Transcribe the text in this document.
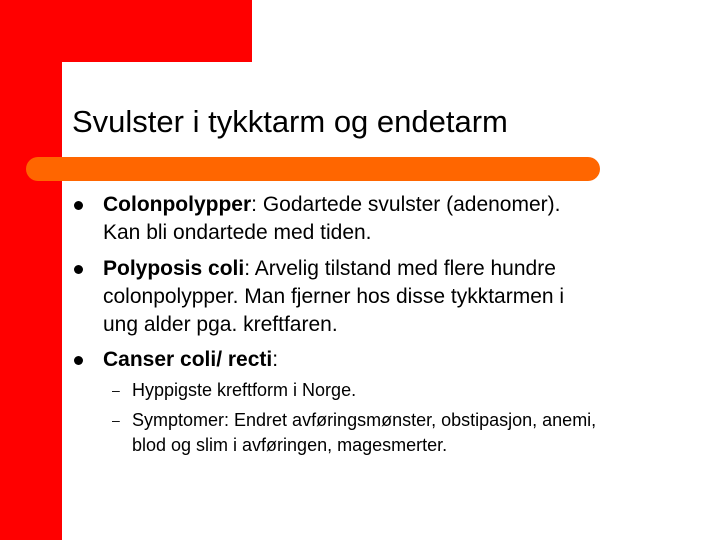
Svulster i tykktarm og endetarm
Colonpolypper: Godartede svulster (adenomer).
Kan bli ondartede med tiden.
Polyposis coli: Arvelig tilstand med flere hundre
colonpolypper. Man fjerner hos disse tykktarmen i
ung alder pga. kreftfaren.
Canser coli/ recti:
– Hyppigste kreftform i Norge.
– Symptomer: Endret avføringsmønster, obstipasjon, anemi,
blod og slim i avføringen, magesmerter.
